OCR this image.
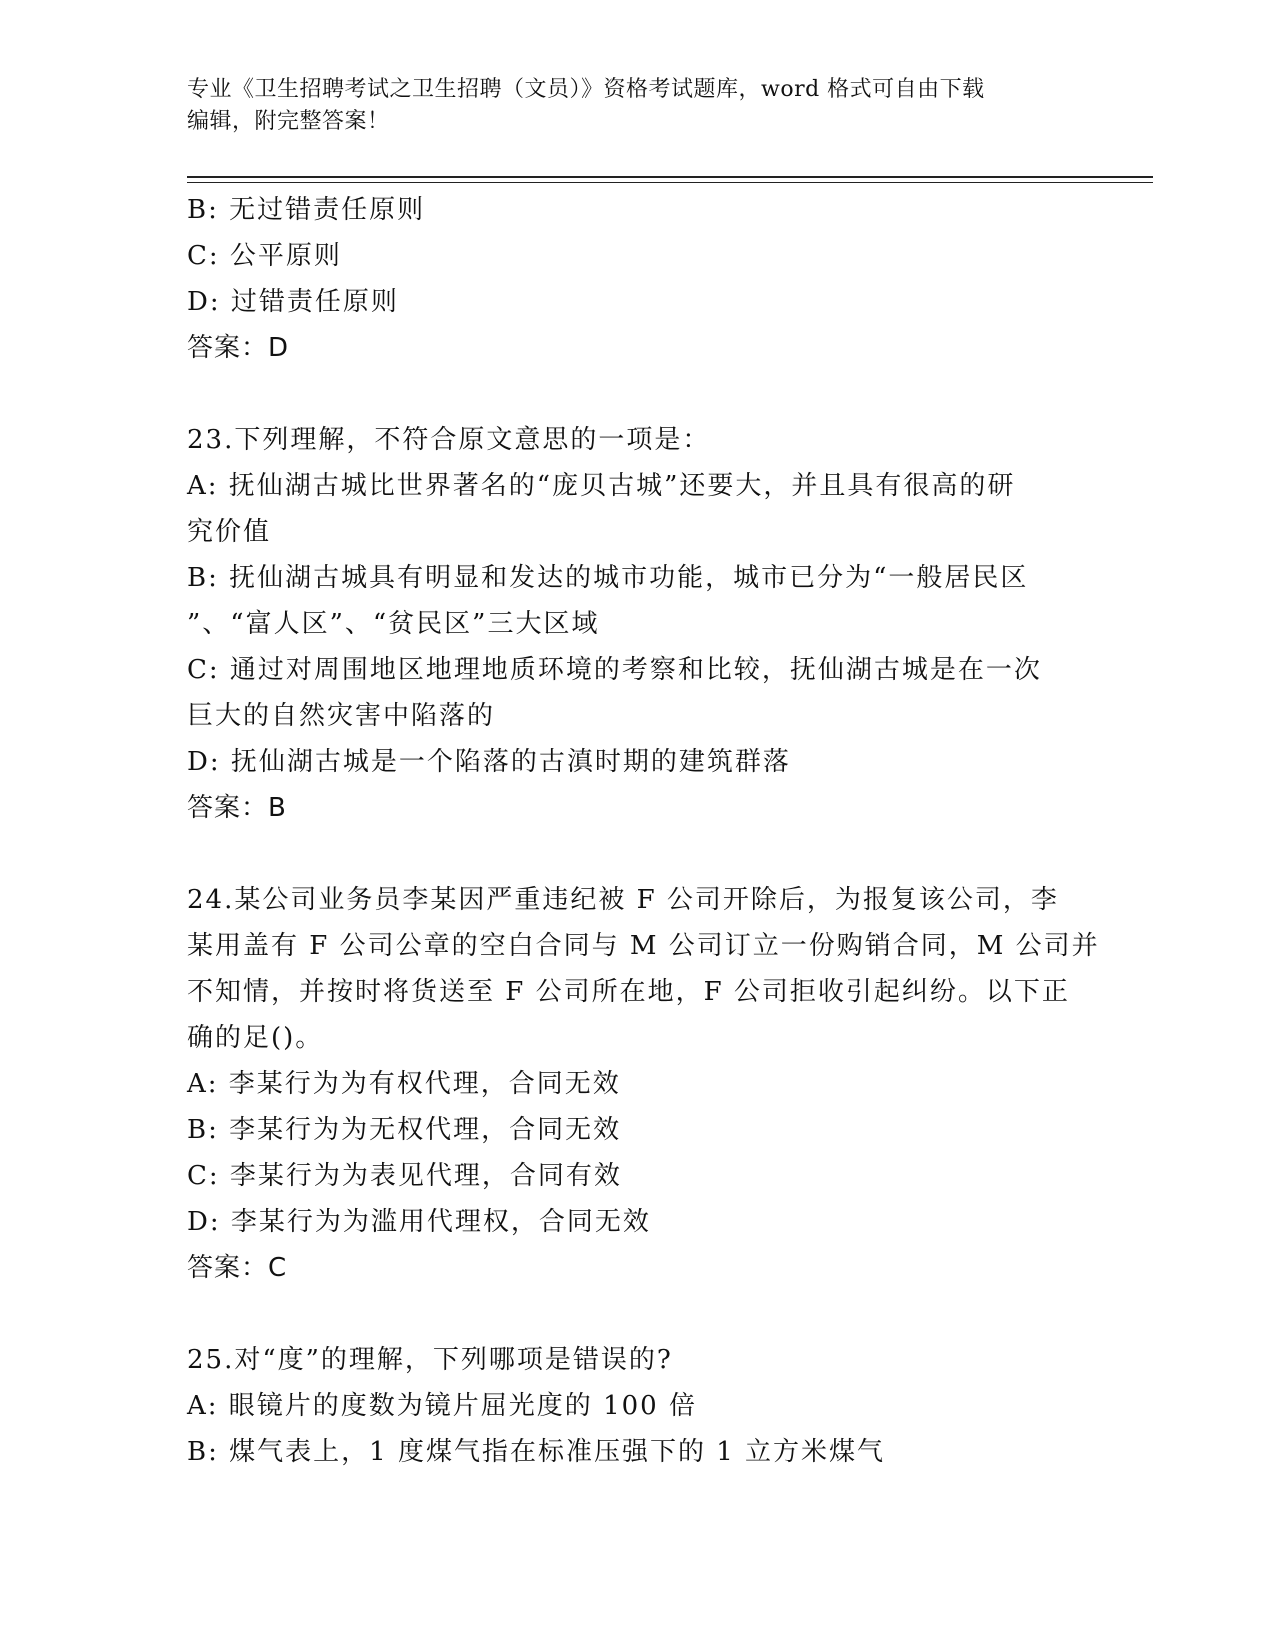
专业《卫生招聘考试之卫生招聘（文员）》资格考试题库，word 格式可自由下载
编辑，附完整答案！

B: 无过错责任原则

C: 公平原则

D: 过错责任原则

答案：D

23.下列理解，不符合原文意思的一项是：

A: 抚仙湖古城比世界著名的“庞贝古城”还要大，并且具有很高的研

究价值

B: 抚仙湖古城具有明显和发达的城市功能，城市已分为“一般居民区

”、“富人区”、“贫民区”三大区域

C: 通过对周围地区地理地质环境的考察和比较，抚仙湖古城是在一次

巨大的自然灾害中陷落的

D: 抚仙湖古城是一个陷落的古滇时期的建筑群落

答案：B

24.某公司业务员李某因严重违纪被 F 公司开除后，为报复该公司，李

某用盖有 F 公司公章的空白合同与 M 公司订立一份购销合同，M 公司并

不知情，并按时将货送至 F 公司所在地，F 公司拒收引起纠纷。以下正

确的足()。

A: 李某行为为有权代理，合同无效

B: 李某行为为无权代理，合同无效

C: 李某行为为表见代理，合同有效

D: 李某行为为滥用代理权，合同无效

答案：C

25.对“度”的理解，下列哪项是错误的?

A: 眼镜片的度数为镜片屈光度的 100 倍

B: 煤气表上，1 度煤气指在标准压强下的 1 立方米煤气
